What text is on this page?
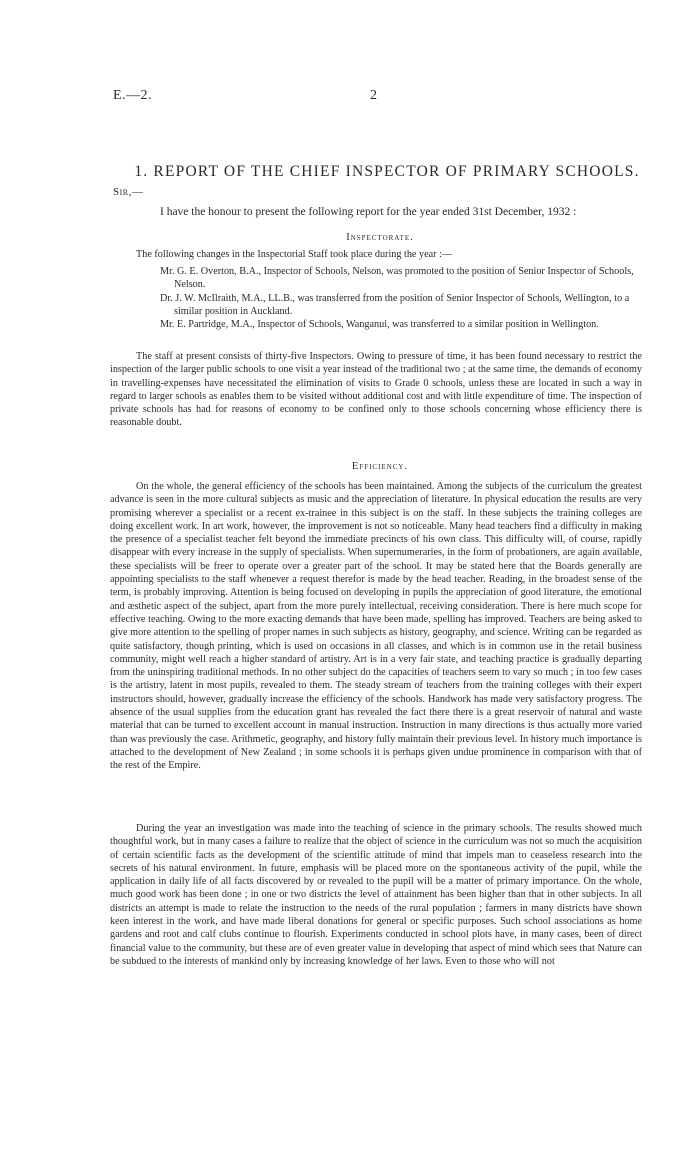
E.—2.	2
1. REPORT OF THE CHIEF INSPECTOR OF PRIMARY SCHOOLS.
Sir,—
I have the honour to present the following report for the year ended 31st December, 1932 :
Inspectorate.
The following changes in the Inspectorial Staff took place during the year :—
Mr. G. E. Overton, B.A., Inspector of Schools, Nelson, was promoted to the position of Senior Inspector of Schools, Nelson.
Dr. J. W. McIlraith, M.A., LL.B., was transferred from the position of Senior Inspector of Schools, Wellington, to a similar position in Auckland.
Mr. E. Partridge, M.A., Inspector of Schools, Wanganui, was transferred to a similar position in Wellington.

The staff at present consists of thirty-five Inspectors. Owing to pressure of time, it has been found necessary to restrict the inspection of the larger public schools to one visit a year instead of the traditional two ; at the same time, the demands of economy in travelling-expenses have necessitated the elimination of visits to Grade 0 schools, unless these are located in such a way in regard to larger schools as enables them to be visited without additional cost and with little expenditure of time. The inspection of private schools has had for reasons of economy to be confined only to those schools concerning whose efficiency there is reasonable doubt.

Efficiency.

On the whole, the general efficiency of the schools has been maintained. Among the subjects of the curriculum the greatest advance is seen in the more cultural subjects as music and the appreciation of literature. In physical education the results are very promising wherever a specialist or a recent ex-trainee in this subject is on the staff. In these subjects the training colleges are doing excellent work. In art work, however, the improvement is not so noticeable. Many head teachers find a difficulty in making the presence of a specialist teacher felt beyond the immediate precincts of his own class. This difficulty will, of course, rapidly disappear with every increase in the supply of specialists. When supernumeraries, in the form of probationers, are again available, these specialists will be freer to operate over a greater part of the school. It may be stated here that the Boards generally are appointing specialists to the staff whenever a request therefor is made by the head teacher. Reading, in the broadest sense of the term, is probably improving. Attention is being focused on developing in pupils the appreciation of good literature, the emotional and æsthetic aspect of the subject, apart from the more purely intellectual, receiving consideration. There is here much scope for effective teaching. Owing to the more exacting demands that have been made, spelling has improved. Teachers are being asked to give more attention to the spelling of proper names in such subjects as history, geography, and science. Writing can be regarded as quite satisfactory, though printing, which is used on occasions in all classes, and which is in common use in the retail business community, might well reach a higher standard of artistry. Art is in a very fair state, and teaching practice is gradually departing from the uninspiring traditional methods. In no other subject do the capacities of teachers seem to vary so much ; in too few cases is the artistry, latent in most pupils, revealed to them. The steady stream of teachers from the training colleges with their expert instructors should, however, gradually increase the efficiency of the schools. Handwork has made very satisfactory progress. The absence of the usual supplies from the education grant has revealed the fact there there is a great reservoir of natural and waste material that can be turned to excellent account in manual instruction. Instruction in many directions is thus actually more varied than was previously the case. Arithmetic, geography, and history fully maintain their previous level. In history much importance is attached to the development of New Zealand ; in some schools it is perhaps given undue prominence in comparison with that of the rest of the Empire.

During the year an investigation was made into the teaching of science in the primary schools. The results showed much thoughtful work, but in many cases a failure to realize that the object of science in the curriculum was not so much the acquisition of certain scientific facts as the development of the scientific attitude of mind that impels man to ceaseless research into the secrets of his natural environment. In future, emphasis will be placed more on the spontaneous activity of the pupil, while the application in daily life of all facts discovered by or revealed to the pupil will be a matter of primary importance. On the whole, much good work has been done ; in one or two districts the level of attainment has been higher than that in other subjects. In all districts an attempt is made to relate the instruction to the needs of the rural population ; farmers in many districts have shown keen interest in the work, and have made liberal donations for general or specific purposes. Such school associations as home gardens and root and calf clubs continue to flourish. Experiments conducted in school plots have, in many cases, been of direct financial value to the community, but these are of even greater value in developing that aspect of mind which sees that Nature can be subdued to the interests of mankind only by increasing knowledge of her laws. Even to those who will not
